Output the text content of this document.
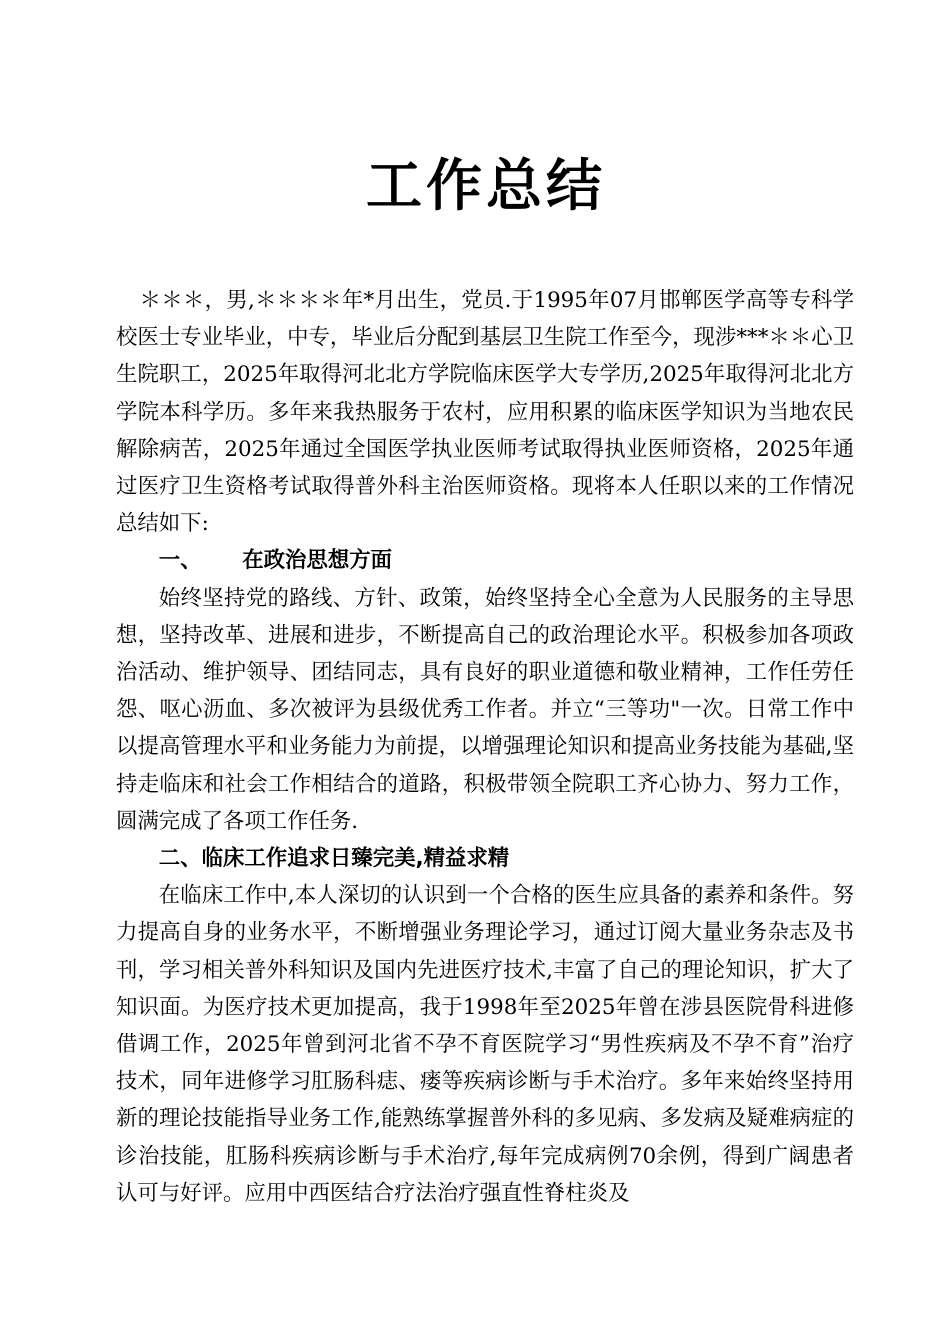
工作总结

＊＊＊，男,＊＊＊＊年*月出生，党员.于1995年07月邯郸医学高等专科学校医士专业毕业，中专，毕业后分配到基层卫生院工作至今，现涉***＊＊心卫生院职工，2025年取得河北北方学院临床医学大专学历,2025年取得河北北方学院本科学历。多年来我热服务于农村，应用积累的临床医学知识为当地农民解除病苦，2025年通过全国医学执业医师考试取得执业医师资格，2025年通过医疗卫生资格考试取得普外科主治医师资格。现将本人任职以来的工作情况总结如下:

一、 在政治思想方面

始终坚持党的路线、方针、政策，始终坚持全心全意为人民服务的主导思想，坚持改革、进展和进步，不断提高自己的政治理论水平。积极参加各项政治活动、维护领导、团结同志，具有良好的职业道德和敬业精神，工作任劳任怨、呕心沥血、多次被评为县级优秀工作者。并立“三等功"一次。日常工作中以提高管理水平和业务能力为前提，以增强理论知识和提高业务技能为基础,坚持走临床和社会工作相结合的道路，积极带领全院职工齐心协力、努力工作，圆满完成了各项工作任务.

二、临床工作追求日臻完美,精益求精

在临床工作中,本人深切的认识到一个合格的医生应具备的素养和条件。努力提高自身的业务水平，不断增强业务理论学习，通过订阅大量业务杂志及书刊，学习相关普外科知识及国内先进医疗技术,丰富了自己的理论知识，扩大了知识面。为医疗技术更加提高，我于1998年至2025年曾在涉县医院骨科进修借调工作，2025年曾到河北省不孕不育医院学习“男性疾病及不孕不育”治疗技术，同年进修学习肛肠科痣、瘘等疾病诊断与手术治疗。多年来始终坚持用新的理论技能指导业务工作,能熟练掌握普外科的多见病、多发病及疑难病症的诊治技能，肛肠科疾病诊断与手术治疗,每年完成病例70余例，得到广阔患者认可与好评。应用中西医结合疗法治疗强直性脊柱炎及
